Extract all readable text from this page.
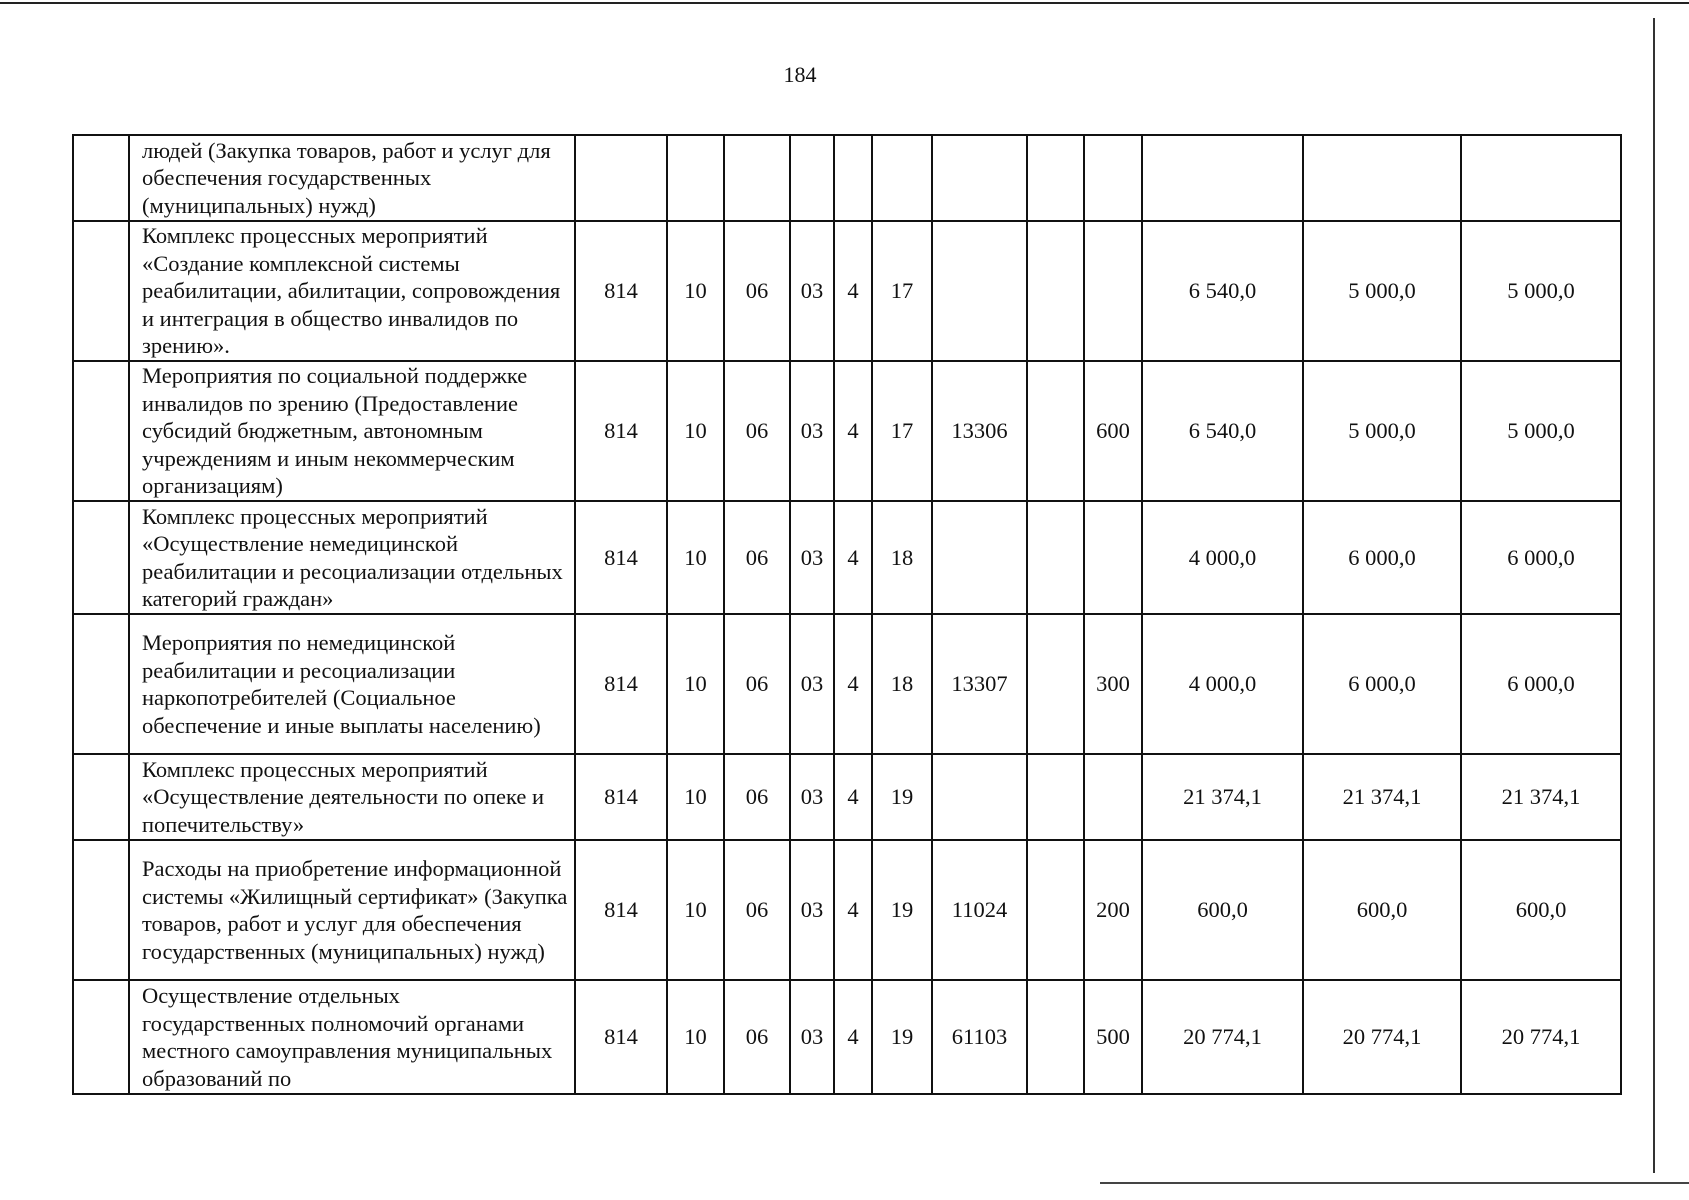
184
	людей (Закупка товаров, работ и услуг для обеспечения государственных (муниципальных) нужд)												
	Комплекс процессных мероприятий «Создание комплексной системы реабилитации, абилитации, сопровождения и интеграция в общество инвалидов по зрению».	814	10	06	03	4	17				6 540,0	5 000,0	5 000,0
	Мероприятия по социальной поддержке инвалидов по зрению (Предоставление субсидий бюджетным, автономным учреждениям и иным некоммерческим организациям)	814	10	06	03	4	17	13306		600	6 540,0	5 000,0	5 000,0
	Комплекс процессных мероприятий «Осуществление немедицинской реабилитации и ресоциализации отдельных категорий граждан»	814	10	06	03	4	18				4 000,0	6 000,0	6 000,0
	Мероприятия по немедицинской реабилитации и ресоциализации наркопотребителей (Социальное обеспечение и иные выплаты населению)	814	10	06	03	4	18	13307		300	4 000,0	6 000,0	6 000,0
	Комплекс процессных мероприятий «Осуществление деятельности по опеке и попечительству»	814	10	06	03	4	19				21 374,1	21 374,1	21 374,1
	Расходы на приобретение информационной системы «Жилищный сертификат» (Закупка товаров, работ и услуг для обеспечения государственных (муниципальных) нужд)	814	10	06	03	4	19	11024		200	600,0	600,0	600,0
	Осуществление отдельных государственных полномочий органами местного самоуправления муниципальных образований по	814	10	06	03	4	19	61103		500	20 774,1	20 774,1	20 774,1
